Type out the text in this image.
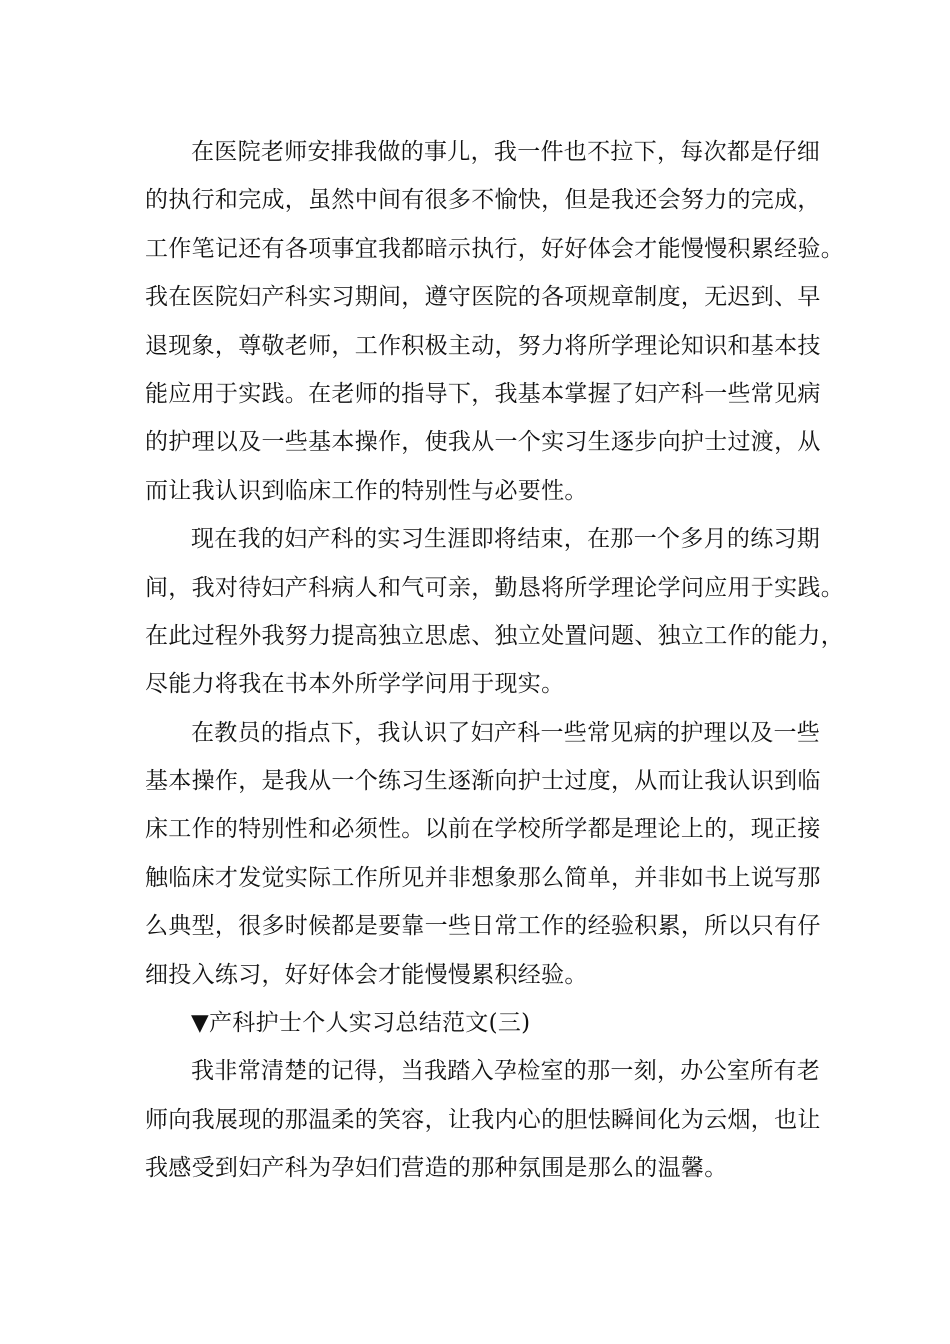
在医院老师安排我做的事儿，我一件也不拉下，每次都是仔细
的执行和完成，虽然中间有很多不愉快，但是我还会努力的完成，
工作笔记还有各项事宜我都暗示执行，好好体会才能慢慢积累经验。
我在医院妇产科实习期间，遵守医院的各项规章制度，无迟到、早
退现象，尊敬老师，工作积极主动，努力将所学理论知识和基本技
能应用于实践。在老师的指导下，我基本掌握了妇产科一些常见病
的护理以及一些基本操作，使我从一个实习生逐步向护士过渡，从
而让我认识到临床工作的特别性与必要性。
现在我的妇产科的实习生涯即将结束，在那一个多月的练习期
间，我对待妇产科病人和气可亲，勤恳将所学理论学问应用于实践。
在此过程外我努力提高独立思虑、独立处置问题、独立工作的能力，
尽能力将我在书本外所学学问用于现实。
在教员的指点下，我认识了妇产科一些常见病的护理以及一些
基本操作，是我从一个练习生逐渐向护士过度，从而让我认识到临
床工作的特别性和必须性。以前在学校所学都是理论上的，现正接
触临床才发觉实际工作所见并非想象那么简单，并非如书上说写那
么典型，很多时候都是要靠一些日常工作的经验积累，所以只有仔
细投入练习，好好体会才能慢慢累积经验。
▼产科护士个人实习总结范文(三)
我非常清楚的记得，当我踏入孕检室的那一刻，办公室所有老
师向我展现的那温柔的笑容，让我内心的胆怯瞬间化为云烟，也让
我感受到妇产科为孕妇们营造的那种氛围是那么的温馨。
